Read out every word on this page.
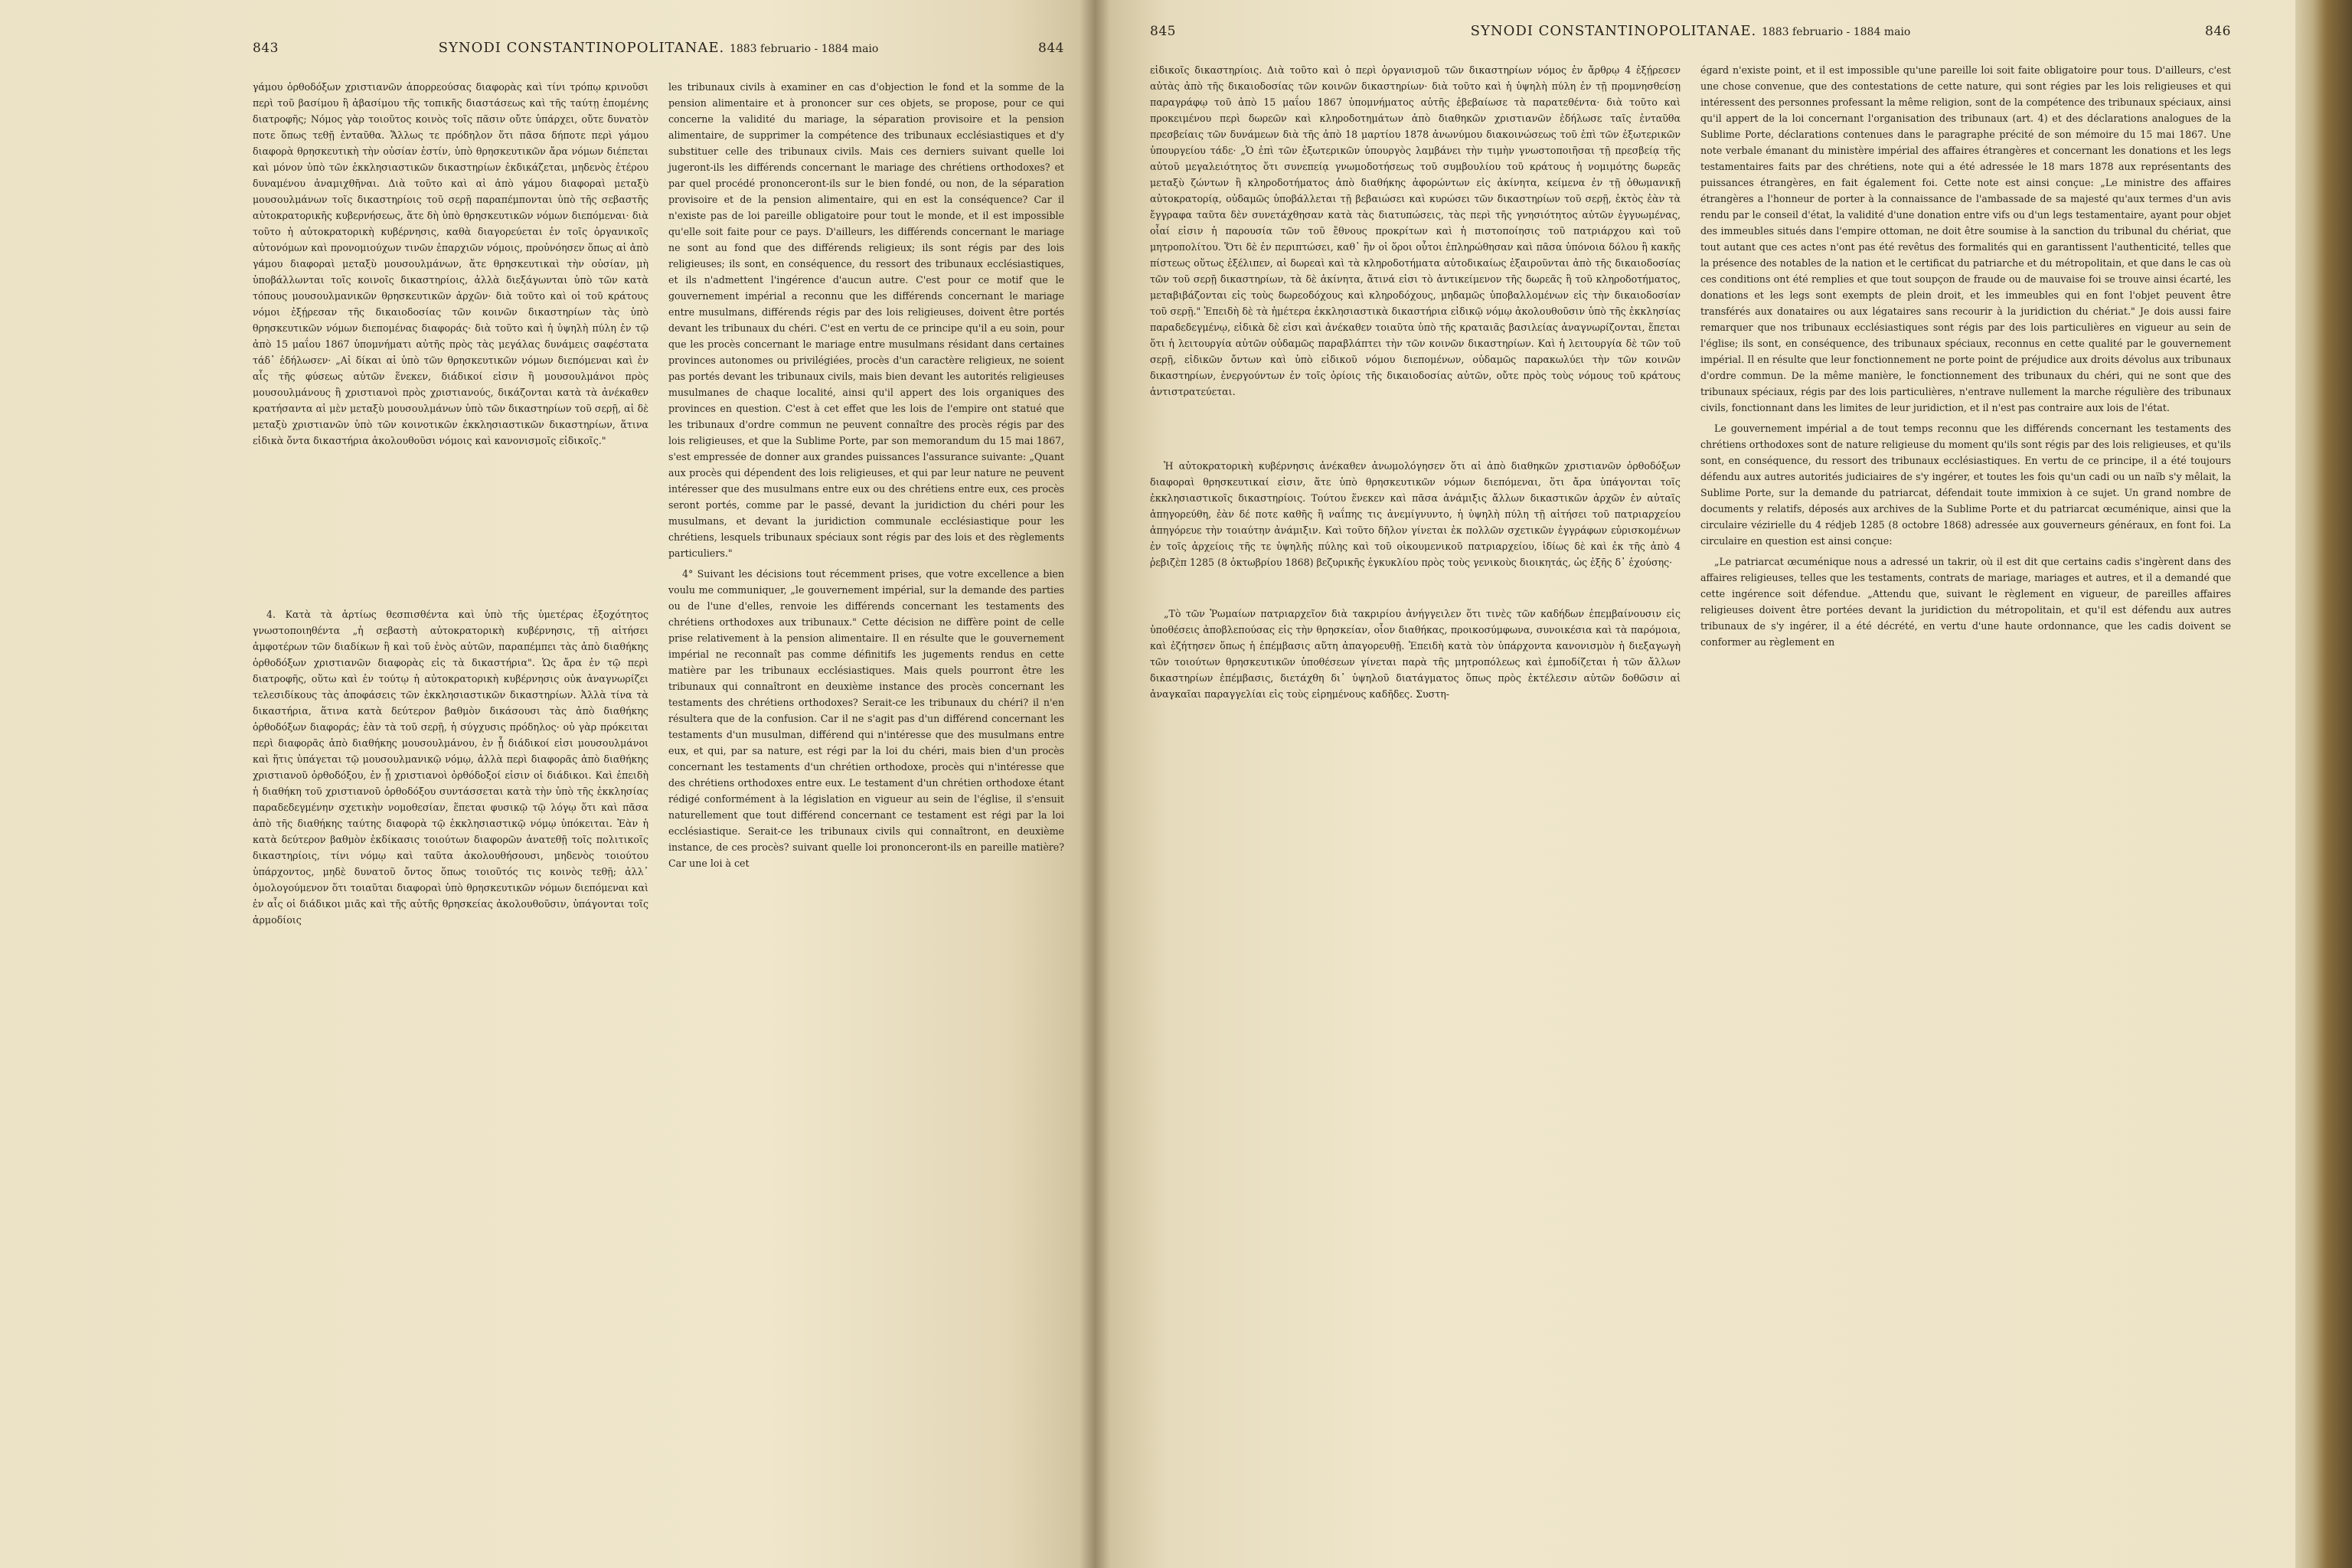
843	SYNODI CONSTANTINOPOLITANAE. 1883 februario - 1884 maio	844

γάμου ὀρθοδόξων χριστιανῶν ἀπορρεούσας διαφορὰς καὶ τίνι τρόπῳ κρινοῦσι περὶ τοῦ βασίμου ἢ ἀβασίμου τῆς τοπικῆς διαστάσεως καὶ τῆς ταύτῃ ἑπομένης διατροφῆς; Νόμος γὰρ τοιοῦτος κοινὸς τοῖς πᾶσιν οὔτε ὑπάρχει, οὔτε δυνατὸν ποτε ὅπως τεθῇ ἐνταῦθα. Ἄλλως τε πρόδηλον ὅτι πᾶσα δήποτε περὶ γάμου διαφορὰ θρησκευτικὴ τὴν οὐσίαν ἐστίν, ὑπὸ θρησκευτικῶν ἄρα νόμων διέπεται καὶ μόνον ὑπὸ τῶν ἐκκλησιαστικῶν δικαστηρίων ἐκδικάζεται, μηδενὸς ἑτέρου δυναμένου ἀναμιχθῆναι. Διὰ τοῦτο καὶ αἱ ἀπὸ γάμου διαφοραὶ μεταξὺ μουσουλμάνων τοῖς δικαστηρίοις τοῦ σερῇ παραπέμπονται ὑπὸ τῆς σεβαστῆς αὐτοκρατορικῆς κυβερνήσεως, ἅτε δὴ ὑπὸ θρησκευτικῶν νόμων διεπόμεναι· διὰ τοῦτο ἡ αὐτοκρατορικὴ κυβέρνησις, καθὰ διαγορεύεται ἐν τοῖς ὀργανικοῖς αὐτονόμων καὶ προνομιούχων τινῶν ἐπαρχιῶν νόμοις, προὐνόησεν ὅπως αἱ ἀπὸ γάμου διαφοραὶ μεταξὺ μουσουλμάνων, ἅτε θρησκευτικαὶ τὴν οὐσίαν, μὴ ὑποβάλλωνται τοῖς κοινοῖς δικαστηρίοις, ἀλλὰ διεξάγωνται ὑπὸ τῶν κατὰ τόπους μουσουλμανικῶν θρησκευτικῶν ἀρχῶν· διὰ τοῦτο καὶ οἱ τοῦ κράτους νόμοι ἐξῄρεσαν τῆς δικαιοδοσίας τῶν κοινῶν δικαστηρίων τὰς ὑπὸ θρησκευτικῶν νόμων διεπομένας διαφοράς· διὰ τοῦτο καὶ ἡ ὑψηλὴ πύλη ἐν τῷ ἀπὸ 15 μαΐου 1867 ὑπομνήματι αὐτῆς πρὸς τὰς μεγάλας δυνάμεις σαφέστατα τάδ᾽ ἐδήλωσεν· „Αἱ δίκαι αἱ ὑπὸ τῶν θρησκευτικῶν νόμων διεπόμεναι καὶ ἐν αἷς τῆς φύσεως αὐτῶν ἕνεκεν, διάδικοί εἰσιν ἢ μουσουλμάνοι πρὸς μουσουλμάνους ἢ χριστιανοὶ πρὸς χριστιανούς, δικάζονται κατὰ τὰ ἀνέκαθεν κρατήσαντα αἱ μὲν μεταξὺ μουσουλμάνων ὑπὸ τῶν δικαστηρίων τοῦ σερῇ, αἱ δὲ μεταξὺ χριστιανῶν ὑπὸ τῶν κοινοτικῶν ἐκκλησιαστικῶν δικαστηρίων, ἅτινα εἰδικὰ ὄντα δικαστήρια ἀκολουθοῦσι νόμοις καὶ κανονισμοῖς εἰδικοῖς."

4. Κατὰ τὰ ἀρτίως θεσπισθέντα καὶ ὑπὸ τῆς ὑμετέρας ἐξοχότητος γνωστοποιηθέντα „ἡ σεβαστὴ αὐτοκρατορικὴ κυβέρνησις, τῇ αἰτήσει ἀμφοτέρων τῶν διαδίκων ἢ καὶ τοῦ ἑνὸς αὐτῶν, παραπέμπει τὰς ἀπὸ διαθήκης ὀρθοδόξων χριστιανῶν διαφορὰς εἰς τὰ δικαστήρια". Ὡς ἄρα ἐν τῷ περὶ διατροφῆς, οὕτω καὶ ἐν τούτῳ ἡ αὐτοκρατορικὴ κυβέρνησις οὐκ ἀναγνωρίζει τελεσιδίκους τὰς ἀποφάσεις τῶν ἐκκλησιαστικῶν δικαστηρίων. Ἀλλὰ τίνα τὰ δικαστήρια, ἅτινα κατὰ δεύτερον βαθμὸν δικάσουσι τὰς ἀπὸ διαθήκης ὀρθοδόξων διαφοράς; ἐὰν τὰ τοῦ σερῇ, ἡ σύγχυσις πρόδηλος· οὐ γὰρ πρόκειται περὶ διαφορᾶς ἀπὸ διαθήκης μουσουλμάνου, ἐν ᾗ διάδικοί εἰσι μουσουλμάνοι καὶ ἥτις ὑπάγεται τῷ μουσουλμανικῷ νόμῳ, ἀλλὰ περὶ διαφορᾶς ἀπὸ διαθήκης χριστιανοῦ ὀρθοδόξου, ἐν ᾗ χριστιανοὶ ὀρθόδοξοί εἰσιν οἱ διάδικοι. Καὶ ἐπειδὴ ἡ διαθήκη τοῦ χριστιανοῦ ὀρθοδόξου συντάσσεται κατὰ τὴν ὑπὸ τῆς ἐκκλησίας παραδεδεγμένην σχετικὴν νομοθεσίαν, ἕπεται φυσικῷ τῷ λόγῳ ὅτι καὶ πᾶσα ἀπὸ τῆς διαθήκης ταύτης διαφορὰ τῷ ἐκκλησιαστικῷ νόμῳ ὑπόκειται. Ἐὰν ἡ κατὰ δεύτερον βαθμὸν ἐκδίκασις τοιούτων διαφορῶν ἀνατεθῇ τοῖς πολιτικοῖς δικαστηρίοις, τίνι νόμῳ καὶ ταῦτα ἀκολουθήσουσι, μηδενὸς τοιούτου ὑπάρχοντος, μηδὲ δυνατοῦ ὄντος ὅπως τοιοῦτός τις κοινὸς τεθῇ; ἀλλ᾽ ὁμολογούμενον ὅτι τοιαῦται διαφοραὶ ὑπὸ θρησκευτικῶν νόμων διεπόμεναι καὶ ἐν αἷς οἱ διάδικοι μιᾶς καὶ τῆς αὐτῆς θρησκείας ἀκολουθοῦσιν, ὑπάγονται τοῖς ἁρμοδίοις

les tribunaux civils à examiner en cas d'objection le fond et la somme de la pension alimentaire et à prononcer sur ces objets, se propose, pour ce qui concerne la validité du mariage, la séparation provisoire et la pension alimentaire, de supprimer la compétence des tribunaux ecclésiastiques et d'y substituer celle des tribunaux civils. Mais ces derniers suivant quelle loi jugeront-ils les différends concernant le mariage des chrétiens orthodoxes? et par quel procédé prononceront-ils sur le bien fondé, ou non, de la séparation provisoire et de la pension alimentaire, qui en est la conséquence? Car il n'existe pas de loi pareille obligatoire pour tout le monde, et il est impossible qu'elle soit faite pour ce pays. D'ailleurs, les différends concernant le mariage ne sont au fond que des différends religieux; ils sont régis par des lois religieuses; ils sont, en conséquence, du ressort des tribunaux ecclésiastiques, et ils n'admettent l'ingérence d'aucun autre. C'est pour ce motif que le gouvernement impérial a reconnu que les différends concernant le mariage entre musulmans, différends régis par des lois religieuses, doivent être portés devant les tribunaux du chéri. C'est en vertu de ce principe qu'il a eu soin, pour que les procès concernant le mariage entre musulmans résidant dans certaines provinces autonomes ou privilégiées, procès d'un caractère religieux, ne soient pas portés devant les tribunaux civils, mais bien devant les autorités religieuses musulmanes de chaque localité, ainsi qu'il appert des lois organiques des provinces en question. C'est à cet effet que les lois de l'empire ont statué que les tribunaux d'ordre commun ne peuvent connaître des procès régis par des lois religieuses, et que la Sublime Porte, par son memorandum du 15 mai 1867, s'est empressée de donner aux grandes puissances l'assurance suivante: „Quant aux procès qui dépendent des lois religieuses, et qui par leur nature ne peuvent intéresser que des musulmans entre eux ou des chrétiens entre eux, ces procès seront portés, comme par le passé, devant la juridiction du chéri pour les musulmans, et devant la juridiction communale ecclésiastique pour les chrétiens, lesquels tribunaux spéciaux sont régis par des lois et des règlements particuliers."

4° Suivant les décisions tout récemment prises, que votre excellence a bien voulu me communiquer, „le gouvernement impérial, sur la demande des parties ou de l'une d'elles, renvoie les différends concernant les testaments des chrétiens orthodoxes aux tribunaux." Cette décision ne diffère point de celle prise relativement à la pension alimentaire. Il en résulte que le gouvernement impérial ne reconnaît pas comme définitifs les jugements rendus en cette matière par les tribunaux ecclésiastiques. Mais quels pourront être les tribunaux qui connaîtront en deuxième instance des procès concernant les testaments des chrétiens orthodoxes? Serait-ce les tribunaux du chéri? il n'en résultera que de la confusion. Car il ne s'agit pas d'un différend concernant les testaments d'un musulman, différend qui n'intéresse que des musulmans entre eux, et qui, par sa nature, est régi par la loi du chéri, mais bien d'un procès concernant les testaments d'un chrétien orthodoxe, procès qui n'intéresse que des chrétiens orthodoxes entre eux. Le testament d'un chrétien orthodoxe étant rédigé conformément à la législation en vigueur au sein de l'église, il s'ensuit naturellement que tout différend concernant ce testament est régi par la loi ecclésiastique. Serait-ce les tribunaux civils qui connaîtront, en deuxième instance, de ces procès? suivant quelle loi prononceront-ils en pareille matière? Car une loi à cet

845	SYNODI CONSTANTINOPOLITANAE. 1883 februario - 1884 maio	846

εἰδικοῖς δικαστηρίοις. Διὰ τοῦτο καὶ ὁ περὶ ὀργανισμοῦ τῶν δικαστηρίων νόμος ἐν ἄρθρῳ 4 ἐξῄρεσεν αὐτὰς ἀπὸ τῆς δικαιοδοσίας τῶν κοινῶν δικαστηρίων· διὰ τοῦτο καὶ ἡ ὑψηλὴ πύλη ἐν τῇ προμνησθείσῃ παραγράφῳ τοῦ ἀπὸ 15 μαΐου 1867 ὑπομνήματος αὐτῆς ἐβεβαίωσε τὰ παρατεθέντα· διὰ τοῦτο καὶ προκειμένου περὶ δωρεῶν καὶ κληροδοτημάτων ἀπὸ διαθηκῶν χριστιανῶν ἐδήλωσε ταῖς ἐνταῦθα πρεσβείαις τῶν δυνάμεων διὰ τῆς ἀπὸ 18 μαρτίου 1878 ἀνωνύμου διακοινώσεως τοῦ ἐπὶ τῶν ἐξωτερικῶν ὑπουργείου τάδε· „Ὁ ἐπὶ τῶν ἐξωτερικῶν ὑπουργὸς λαμβάνει τὴν τιμὴν γνωστοποιῆσαι τῇ πρεσβείᾳ τῆς αὐτοῦ μεγαλειότητος ὅτι συνεπείᾳ γνωμοδοτήσεως τοῦ συμβουλίου τοῦ κράτους ἡ νομιμότης δωρεᾶς μεταξὺ ζώντων ἢ κληροδοτήματος ἀπὸ διαθήκης ἀφορώντων εἰς ἀκίνητα, κείμενα ἐν τῇ ὀθωμανικῇ αὐτοκρατορίᾳ, οὐδαμῶς ὑποβάλλεται τῇ βεβαιώσει καὶ κυρώσει τῶν δικαστηρίων τοῦ σερῇ, ἐκτὸς ἐὰν τὰ ἔγγραφα ταῦτα δὲν συνετάχθησαν κατὰ τὰς διατυπώσεις, τὰς περὶ τῆς γνησιότητος αὐτῶν ἐγγυωμένας, οἷαί εἰσιν ἡ παρουσία τῶν τοῦ ἔθνους προκρίτων καὶ ἡ πιστοποίησις τοῦ πατριάρχου καὶ τοῦ μητροπολίτου. Ὅτι δὲ ἐν περιπτώσει, καθ᾽ ἣν οἱ ὅροι οὗτοι ἐπληρώθησαν καὶ πᾶσα ὑπόνοια δόλου ἢ κακῆς πίστεως οὕτως ἐξέλιπεν, αἱ δωρεαὶ καὶ τὰ κληροδοτήματα αὐτοδικαίως ἐξαιροῦνται ἀπὸ τῆς δικαιοδοσίας τῶν τοῦ σερῇ δικαστηρίων, τὰ δὲ ἀκίνητα, ἅτινά εἰσι τὸ ἀντικείμενον τῆς δωρεᾶς ἢ τοῦ κληροδοτήματος, μεταβιβάζονται εἰς τοὺς δωρεοδόχους καὶ κληροδόχους, μηδαμῶς ὑποβαλλομένων εἰς τὴν δικαιοδοσίαν τοῦ σερῇ." Ἐπειδὴ δὲ τὰ ἡμέτερα ἐκκλησιαστικὰ δικαστήρια εἰδικῷ νόμῳ ἀκολουθοῦσιν ὑπὸ τῆς ἐκκλησίας παραδεδεγμένῳ, εἰδικὰ δὲ εἰσι καὶ ἀνέκαθεν τοιαῦτα ὑπὸ τῆς κραταιᾶς βασιλείας ἀναγνωρίζονται, ἕπεται ὅτι ἡ λειτουργία αὐτῶν οὐδαμῶς παραβλάπτει τὴν τῶν κοινῶν δικαστηρίων. Καὶ ἡ λειτουργία δὲ τῶν τοῦ σερῇ, εἰδικῶν ὄντων καὶ ὑπὸ εἰδικοῦ νόμου διεπομένων, οὐδαμῶς παρακωλύει τὴν τῶν κοινῶν δικαστηρίων, ἐνεργούντων ἐν τοῖς ὁρίοις τῆς δικαιοδοσίας αὐτῶν, οὔτε πρὸς τοὺς νόμους τοῦ κράτους ἀντιστρατεύεται.

Ἡ αὐτοκρατορικὴ κυβέρνησις ἀνέκαθεν ἀνωμολόγησεν ὅτι αἱ ἀπὸ διαθηκῶν χριστιανῶν ὀρθοδόξων διαφοραὶ θρησκευτικαί εἰσιν, ἅτε ὑπὸ θρησκευτικῶν νόμων διεπόμεναι, ὅτι ἄρα ὑπάγονται τοῖς ἐκκλησιαστικοῖς δικαστηρίοις. Τούτου ἕνεκεν καὶ πᾶσα ἀνάμιξις ἄλλων δικαστικῶν ἀρχῶν ἐν αὐταῖς ἀπηγορεύθη, ἐὰν δέ ποτε καθῆς ἢ ναΐπης τις ἀνεμίγνυντο, ἡ ὑψηλὴ πύλη τῇ αἰτήσει τοῦ πατριαρχείου ἀπηγόρευε τὴν τοιαύτην ἀνάμιξιν. Καὶ τοῦτο δῆλον γίνεται ἐκ πολλῶν σχετικῶν ἐγγράφων εὑρισκομένων ἐν τοῖς ἀρχείοις τῆς τε ὑψηλῆς πύλης καὶ τοῦ οἰκουμενικοῦ πατριαρχείου, ἰδίως δὲ καὶ ἐκ τῆς ἀπὸ 4 ῥεβιζὲπ 1285 (8 ὀκτωβρίου 1868) βεζυρικῆς ἐγκυκλίου πρὸς τοὺς γενικοὺς διοικητάς, ὡς ἑξῆς δ᾽ ἐχούσης·

„Τὸ τῶν Ῥωμαίων πατριαρχεῖον διὰ τακριρίου ἀνήγγειλεν ὅτι τινὲς τῶν καδήδων ἐπεμβαίνουσιν εἰς ὑποθέσεις ἀποβλεπούσας εἰς τὴν θρησκείαν, οἷον διαθήκας, προικοσύμφωνα, συνοικέσια καὶ τὰ παρόμοια, καὶ ἐζήτησεν ὅπως ἡ ἐπέμβασις αὕτη ἀπαγορευθῇ. Ἐπειδὴ κατὰ τὸν ὑπάρχοντα κανονισμὸν ἡ διεξαγωγὴ τῶν τοιούτων θρησκευτικῶν ὑποθέσεων γίνεται παρὰ τῆς μητροπόλεως καὶ ἐμποδίζεται ἡ τῶν ἄλλων δικαστηρίων ἐπέμβασις, διετάχθη δι᾽ ὑψηλοῦ διατάγματος ὅπως πρὸς ἐκτέλεσιν αὐτῶν δοθῶσιν αἱ ἀναγκαῖαι παραγγελίαι εἰς τοὺς εἰρημένους καδῆδες. Συστη-

égard n'existe point, et il est impossible qu'une pareille loi soit faite obligatoire pour tous. D'ailleurs, c'est une chose convenue, que des contestations de cette nature, qui sont régies par les lois religieuses et qui intéressent des personnes professant la même religion, sont de la compétence des tribunaux spéciaux, ainsi qu'il appert de la loi concernant l'organisation des tribunaux (art. 4) et des déclarations analogues de la Sublime Porte, déclarations contenues dans le paragraphe précité de son mémoire du 15 mai 1867. Une note verbale émanant du ministère impérial des affaires étrangères et concernant les donations et les legs testamentaires faits par des chrétiens, note qui a été adressée le 18 mars 1878 aux représentants des puissances étrangères, en fait également foi. Cette note est ainsi conçue: „Le ministre des affaires étrangères a l'honneur de porter à la connaissance de l'ambassade de sa majesté qu'aux termes d'un avis rendu par le conseil d'état, la validité d'une donation entre vifs ou d'un legs testamentaire, ayant pour objet des immeubles situés dans l'empire ottoman, ne doit être soumise à la sanction du tribunal du chériat, que tout autant que ces actes n'ont pas été revêtus des formalités qui en garantissent l'authenticité, telles que la présence des notables de la nation et le certificat du patriarche et du métropolitain, et que dans le cas où ces conditions ont été remplies et que tout soupçon de fraude ou de mauvaise foi se trouve ainsi écarté, les donations et les legs sont exempts de plein droit, et les immeubles qui en font l'objet peuvent être transférés aux donataires ou aux légataires sans recourir à la juridiction du chériat." Je dois aussi faire remarquer que nos tribunaux ecclésiastiques sont régis par des lois particulières en vigueur au sein de l'église; ils sont, en conséquence, des tribunaux spéciaux, reconnus en cette qualité par le gouvernement impérial. Il en résulte que leur fonctionnement ne porte point de préjudice aux droits dévolus aux tribunaux d'ordre commun. De la même manière, le fonctionnement des tribunaux du chéri, qui ne sont que des tribunaux spéciaux, régis par des lois particulières, n'entrave nullement la marche régulière des tribunaux civils, fonctionnant dans les limites de leur juridiction, et il n'est pas contraire aux lois de l'état.

Le gouvernement impérial a de tout temps reconnu que les différends concernant les testaments des chrétiens orthodoxes sont de nature religieuse du moment qu'ils sont régis par des lois religieuses, et qu'ils sont, en conséquence, du ressort des tribunaux ecclésiastiques. En vertu de ce principe, il a été toujours défendu aux autres autorités judiciaires de s'y ingérer, et toutes les fois qu'un cadi ou un naïb s'y mêlait, la Sublime Porte, sur la demande du patriarcat, défendait toute immixion à ce sujet. Un grand nombre de documents y relatifs, déposés aux archives de la Sublime Porte et du patriarcat œcuménique, ainsi que la circulaire vézirielle du 4 rédjeb 1285 (8 octobre 1868) adressée aux gouverneurs généraux, en font foi. La circulaire en question est ainsi conçue:

„Le patriarcat œcuménique nous a adressé un takrir, où il est dit que certains cadis s'ingèrent dans des affaires religieuses, telles que les testaments, contrats de mariage, mariages et autres, et il a demandé que cette ingérence soit défendue. „Attendu que, suivant le règlement en vigueur, de pareilles affaires religieuses doivent être portées devant la juridiction du métropolitain, et qu'il est défendu aux autres tribunaux de s'y ingérer, il a été décrété, en vertu d'une haute ordonnance, que les cadis doivent se conformer au règlement en
